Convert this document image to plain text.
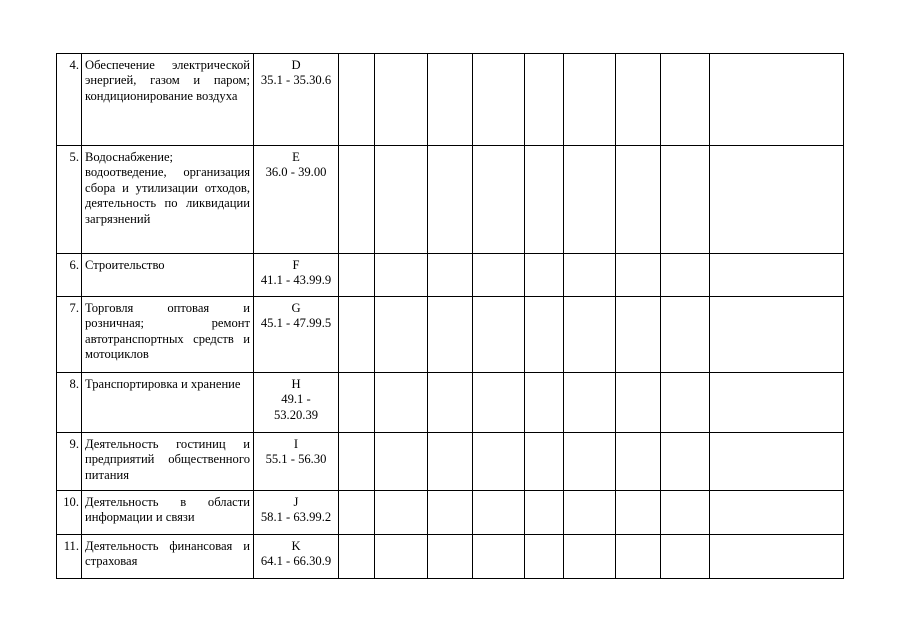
4.	Обеспечение электрической энергией, газом и паром; кондиционирование воздуха	D
35.1 - 35.30.6									

5.	Водоснабжение; водоотведение, организация сбора и утилизации отходов, деятельность по ликвидации загрязнений	E
36.0 - 39.00									

6.	Строительство	F
41.1 - 43.99.9									

7.	Торговля оптовая и розничная; ремонт автотранспортных средств и мотоциклов	G
45.1 - 47.99.5									

8.	Транспортировка и хранение	H
49.1 - 53.20.39									

9.	Деятельность гостиниц и предприятий общественного питания	I
55.1 - 56.30									

10.	Деятельность в области информации и связи	J
58.1 - 63.99.2									

11.	Деятельность финансовая и страховая	K
64.1 - 66.30.9									
